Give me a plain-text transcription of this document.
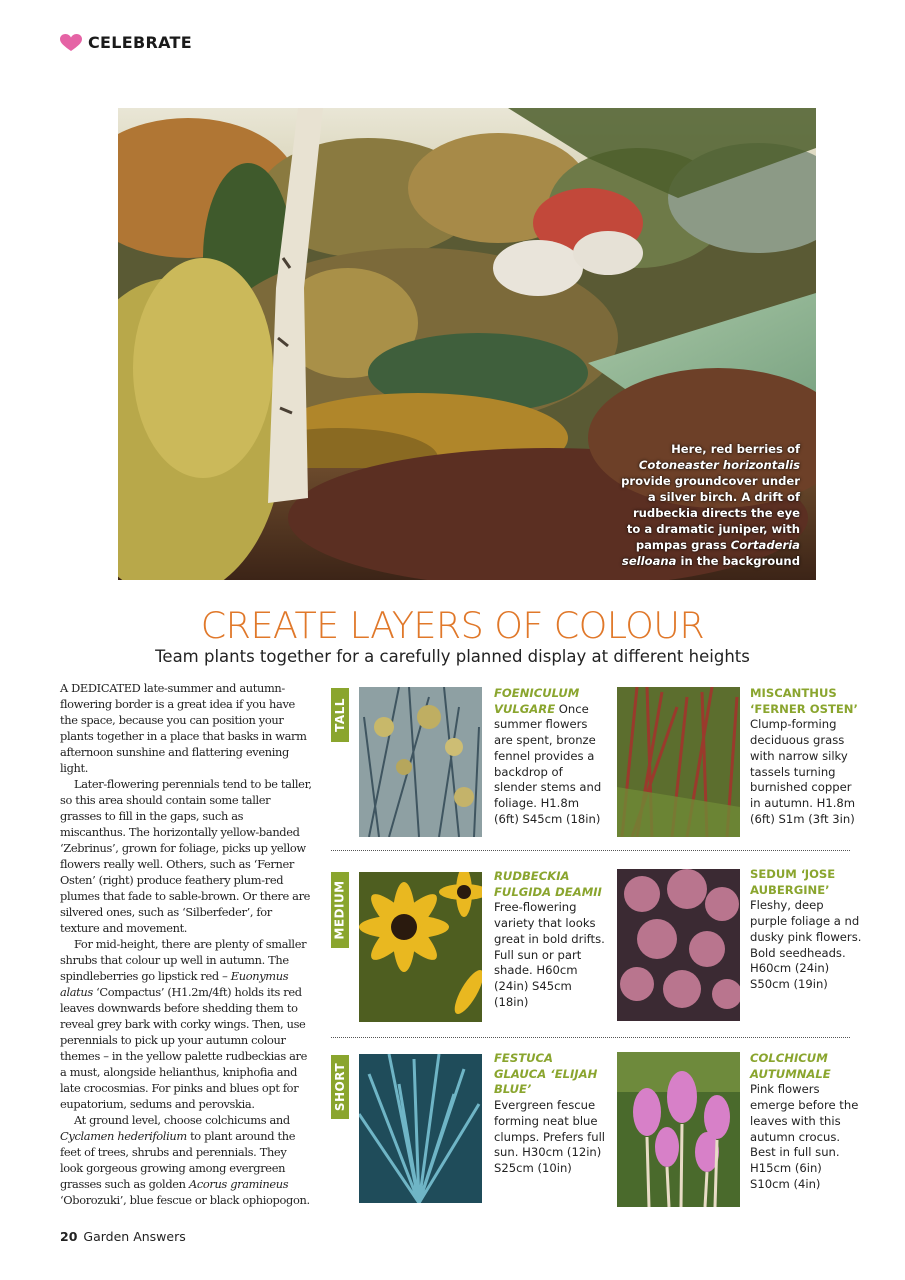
CELEBRATE
Here, red berries of
Cotoneaster horizontalis
provide groundcover under
a silver birch. A drift of
rudbeckia directs the eye
to a dramatic juniper, with
pampas grass Cortaderia
selloana in the background
CREATE LAYERS OF COLOUR
Team plants together for a carefully planned display at different heights

A DEDICATED late-summer and autumn-flowering border is a great idea if you have the space, because you can position your plants together in a place that basks in warm afternoon sunshine and flattering evening light.

Later-flowering perennials tend to be taller, so this area should contain some taller grasses to fill in the gaps, such as miscanthus. The horizontally yellow-banded ‘Zebrinus’, grown for foliage, picks up yellow flowers really well. Others, such as ‘Ferner Osten’ (right) produce feathery plum-red plumes that fade to sable-brown. Or there are silvered ones, such as ‘Silberfeder’, for texture and movement.

For mid-height, there are plenty of smaller shrubs that colour up well in autumn. The spindleberries go lipstick red – Euonymus alatus ‘Compactus’ (H1.2m/4ft) holds its red leaves downwards before shedding them to reveal grey bark with corky wings. Then, use perennials to pick up your autumn colour themes – in the yellow palette rudbeckias are a must, alongside helianthus, kniphofia and late crocosmias. For pinks and blues opt for eupatorium, sedums and perovskia.

At ground level, choose colchicums and Cyclamen hederifolium to plant around the feet of trees, shrubs and perennials. They look gorgeous growing among evergreen grasses such as golden Acorus gramineus ‘Oborozuki’, blue fescue or black ophiopogon.

TALL
MEDIUM
SHORT
FOENICULUM VULGARE Once summer flowers are spent, bronze fennel provides a backdrop of slender stems and foliage. H1.8m (6ft) S45cm (18in)
MISCANTHUS ‘FERNER OSTEN’
Clump-forming deciduous grass with narrow silky tassels turning burnished copper in autumn. H1.8m (6ft) S1m (3ft 3in)
RUDBECKIA FULGIDA DEAMII
Free-flowering variety that looks great in bold drifts. Full sun or part shade. H60cm (24in) S45cm (18in)
SEDUM ‘JOSE AUBERGINE’
Fleshy, deep purple foliage a nd dusky pink flowers. Bold seedheads. H60cm (24in) S50cm (19in)
FESTUCA GLAUCA ‘ELIJAH BLUE’
Evergreen fescue forming neat blue clumps. Prefers full sun. H30cm (12in) S25cm (10in)
COLCHICUM AUTUMNALE
Pink flowers emerge before the leaves with this autumn crocus. Best in full sun. H15cm (6in) S10cm (4in)
20 Garden Answers
